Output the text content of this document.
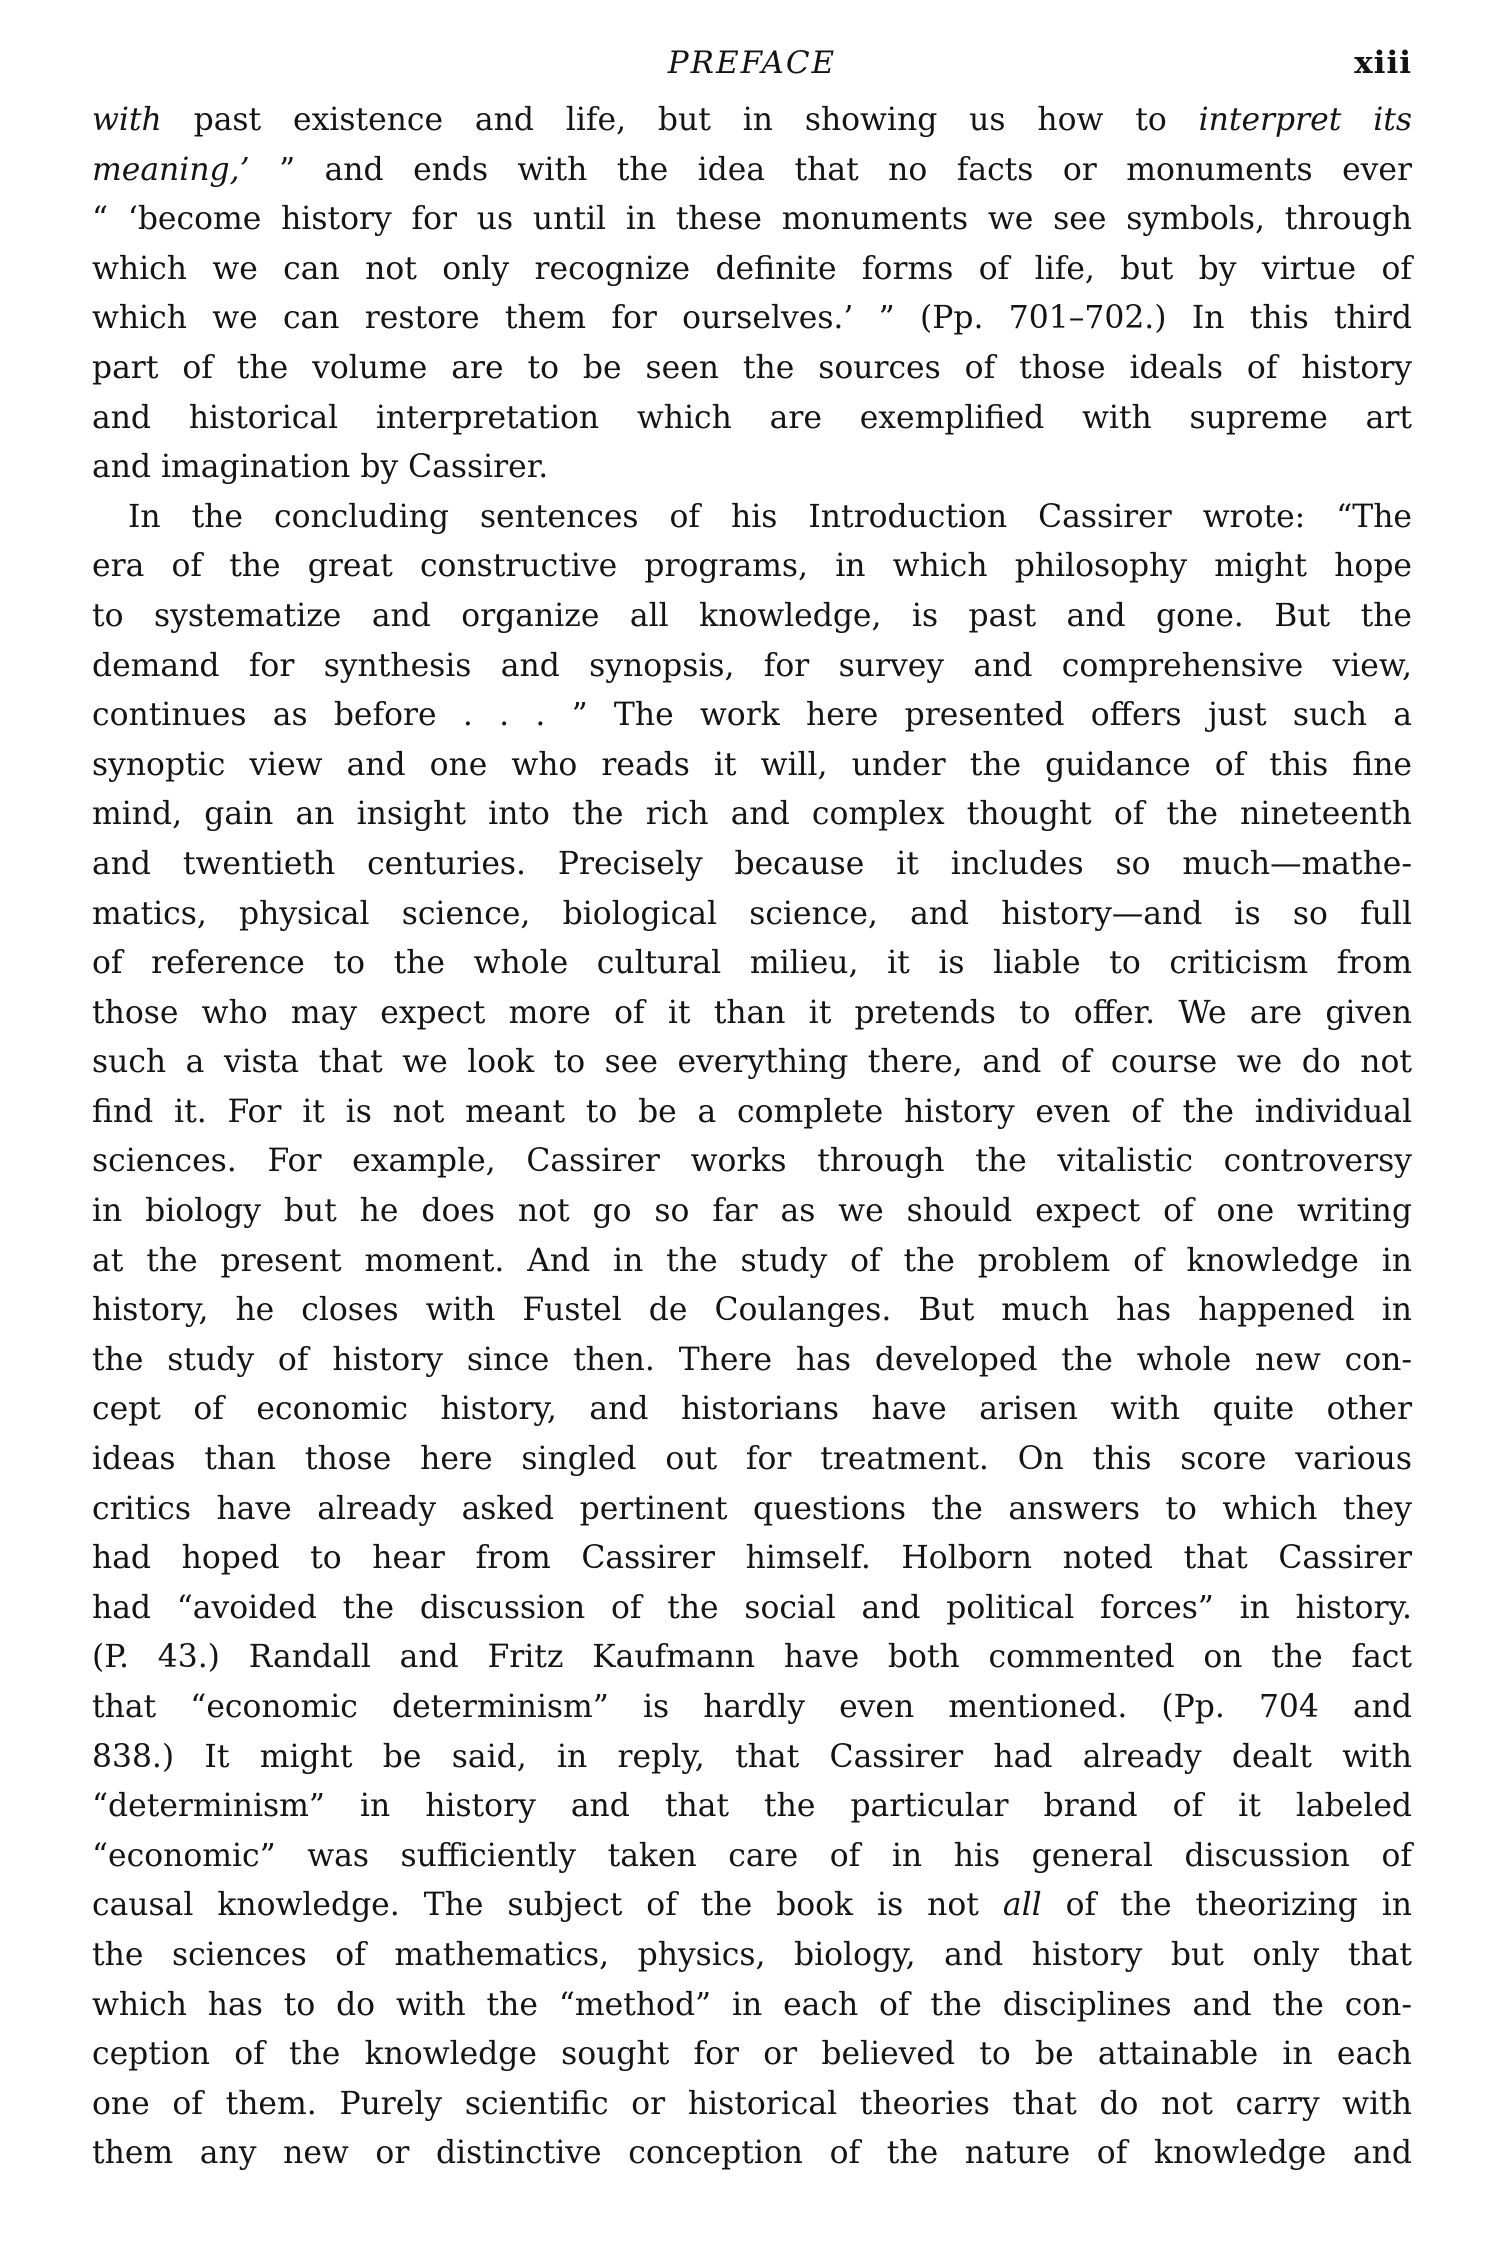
PREFACE	xiii
with past existence and life, but in showing us how to interpret its
meaning,’ ” and ends with the idea that no facts or monuments ever
“ ‘become history for us until in these monuments we see symbols, through
which we can not only recognize definite forms of life, but by virtue of
which we can restore them for ourselves.’ ” (Pp. 701–702.) In this third
part of the volume are to be seen the sources of those ideals of history
and historical interpretation which are exemplified with supreme art
and imagination by Cassirer.
In the concluding sentences of his Introduction Cassirer wrote: “The
era of the great constructive programs, in which philosophy might hope
to systematize and organize all knowledge, is past and gone. But the
demand for synthesis and synopsis, for survey and comprehensive view,
continues as before . . . ” The work here presented offers just such a
synoptic view and one who reads it will, under the guidance of this fine
mind, gain an insight into the rich and complex thought of the nineteenth
and twentieth centuries. Precisely because it includes so much—mathe-
matics, physical science, biological science, and history—and is so full
of reference to the whole cultural milieu, it is liable to criticism from
those who may expect more of it than it pretends to offer. We are given
such a vista that we look to see everything there, and of course we do not
find it. For it is not meant to be a complete history even of the individual
sciences. For example, Cassirer works through the vitalistic controversy
in biology but he does not go so far as we should expect of one writing
at the present moment. And in the study of the problem of knowledge in
history, he closes with Fustel de Coulanges. But much has happened in
the study of history since then. There has developed the whole new con-
cept of economic history, and historians have arisen with quite other
ideas than those here singled out for treatment. On this score various
critics have already asked pertinent questions the answers to which they
had hoped to hear from Cassirer himself. Holborn noted that Cassirer
had “avoided the discussion of the social and political forces” in history.
(P. 43.) Randall and Fritz Kaufmann have both commented on the fact
that “economic determinism” is hardly even mentioned. (Pp. 704 and
838.) It might be said, in reply, that Cassirer had already dealt with
“determinism” in history and that the particular brand of it labeled
“economic” was sufficiently taken care of in his general discussion of
causal knowledge. The subject of the book is not all of the theorizing in
the sciences of mathematics, physics, biology, and history but only that
which has to do with the “method” in each of the disciplines and the con-
ception of the knowledge sought for or believed to be attainable in each
one of them. Purely scientific or historical theories that do not carry with
them any new or distinctive conception of the nature of knowledge and
